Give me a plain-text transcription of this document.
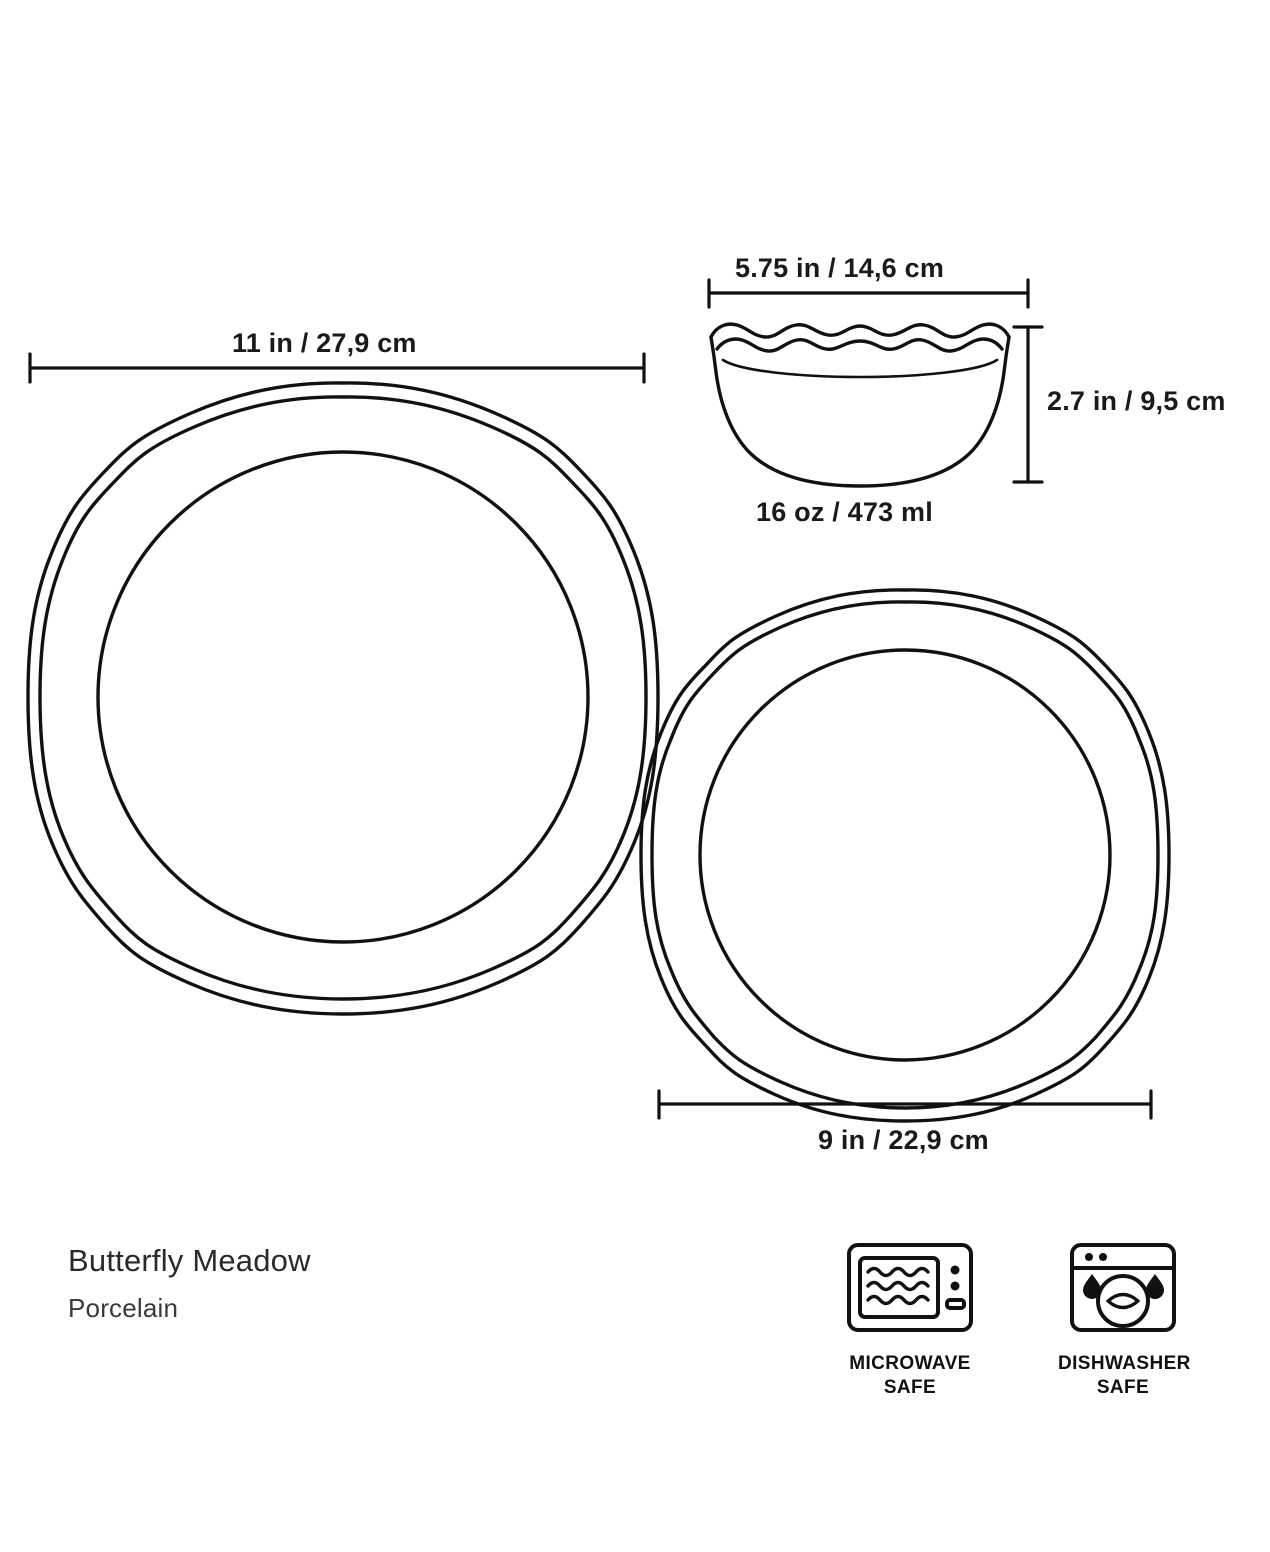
11 in / 27,9 cm
5.75 in / 14,6 cm
2.7 in / 9,5 cm
16 oz / 473 ml
9 in / 22,9 cm
Butterfly Meadow
Porcelain
MICROWAVE
SAFE
DISHWASHER
SAFE
